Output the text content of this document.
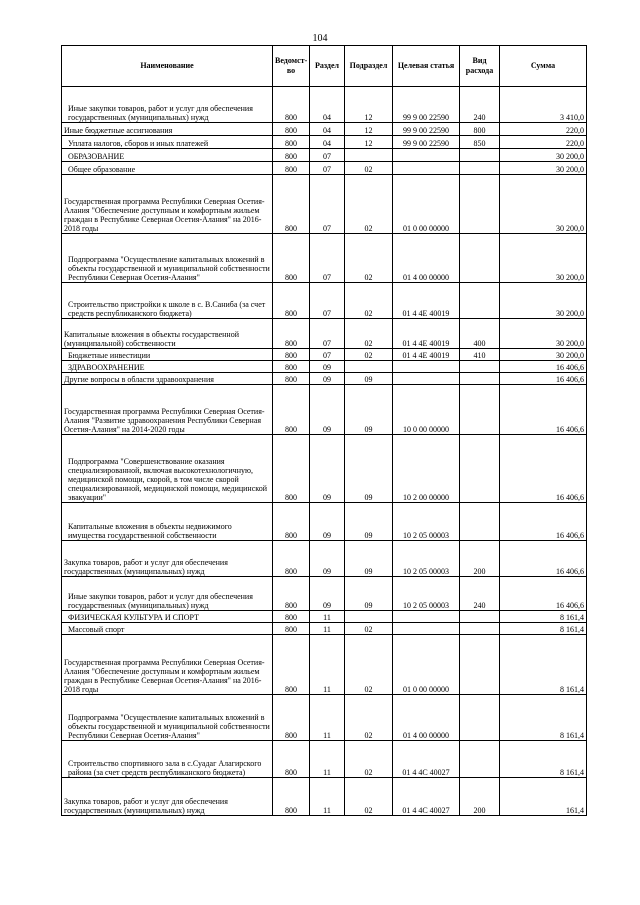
104
Наименование	Ведомст-во	Раздел	Подраздел	Целевая статья	Вид расхода	Сумма
Иные закупки товаров, работ и услуг для обеспечения государственных (муниципальных) нужд	800	04	12	99 9 00 22590	240	3 410,0
Иные бюджетные ассигнования	800	04	12	99 9 00 22590	800	220,0
Уплата налогов, сборов и иных платежей	800	04	12	99 9 00 22590	850	220,0
ОБРАЗОВАНИЕ	800	07				30 200,0
Общее образование	800	07	02			30 200,0
Государственная программа Республики Северная Осетия-Алания "Обеспечение доступным и комфортным жильем граждан в Республике Северная Осетия-Алания" на 2016-2018 годы	800	07	02	01 0 00 00000		30 200,0
Подпрограмма "Осуществление капитальных вложений в объекты государственной и муниципальной собственности Республики Северная Осетия-Алания"	800	07	02	01 4 00 00000		30 200,0
Строительство пристройки к школе в с. В.Саниба (за счет средств республиканского бюджета)	800	07	02	01 4 4E 40019		30 200,0
Капитальные вложения в объекты государственной (муниципальной) собственности	800	07	02	01 4 4E 40019	400	30 200,0
Бюджетные инвестиции	800	07	02	01 4 4E 40019	410	30 200,0
ЗДРАВООХРАНЕНИЕ	800	09				16 406,6
Другие вопросы в области здравоохранения	800	09	09			16 406,6
Государственная программа Республики Северная Осетия-Алания "Развитие здравоохранения Республики Северная Осетия-Алания" на 2014-2020 годы	800	09	09	10 0 00 00000		16 406,6
Подпрограмма "Совершенствование оказания специализированной, включая высокотехнологичную, медицинской помощи, скорой, в том числе скорой специализированной, медицинской помощи, медицинской эвакуации"	800	09	09	10 2 00 00000		16 406,6
Капитальные вложения в объекты недвижимого имущества государственной собственности	800	09	09	10 2 05 00003		16 406,6
Закупка товаров, работ и услуг для обеспечения государственных (муниципальных) нужд	800	09	09	10 2 05 00003	200	16 406,6
Иные закупки товаров, работ и услуг для обеспечения государственных (муниципальных) нужд	800	09	09	10 2 05 00003	240	16 406,6
ФИЗИЧЕСКАЯ КУЛЬТУРА И СПОРТ	800	11				8 161,4
Массовый спорт	800	11	02			8 161,4
Государственная программа Республики Северная Осетия-Алания "Обеспечение доступным и комфортным жильем граждан в Республике Северная Осетия-Алания" на 2016-2018 годы	800	11	02	01 0 00 00000		8 161,4
Подпрограмма "Осуществление капитальных вложений в объекты государственной и муниципальной собственности Республики Северная Осетия-Алания"	800	11	02	01 4 00 00000		8 161,4
Строительство спортивного зала в с.Суадаг Алагирского района (за счет средств республиканского бюджета)	800	11	02	01 4 4C 40027		8 161,4
Закупка товаров, работ и услуг для обеспечения государственных (муниципальных) нужд	800	11	02	01 4 4C 40027	200	161,4
